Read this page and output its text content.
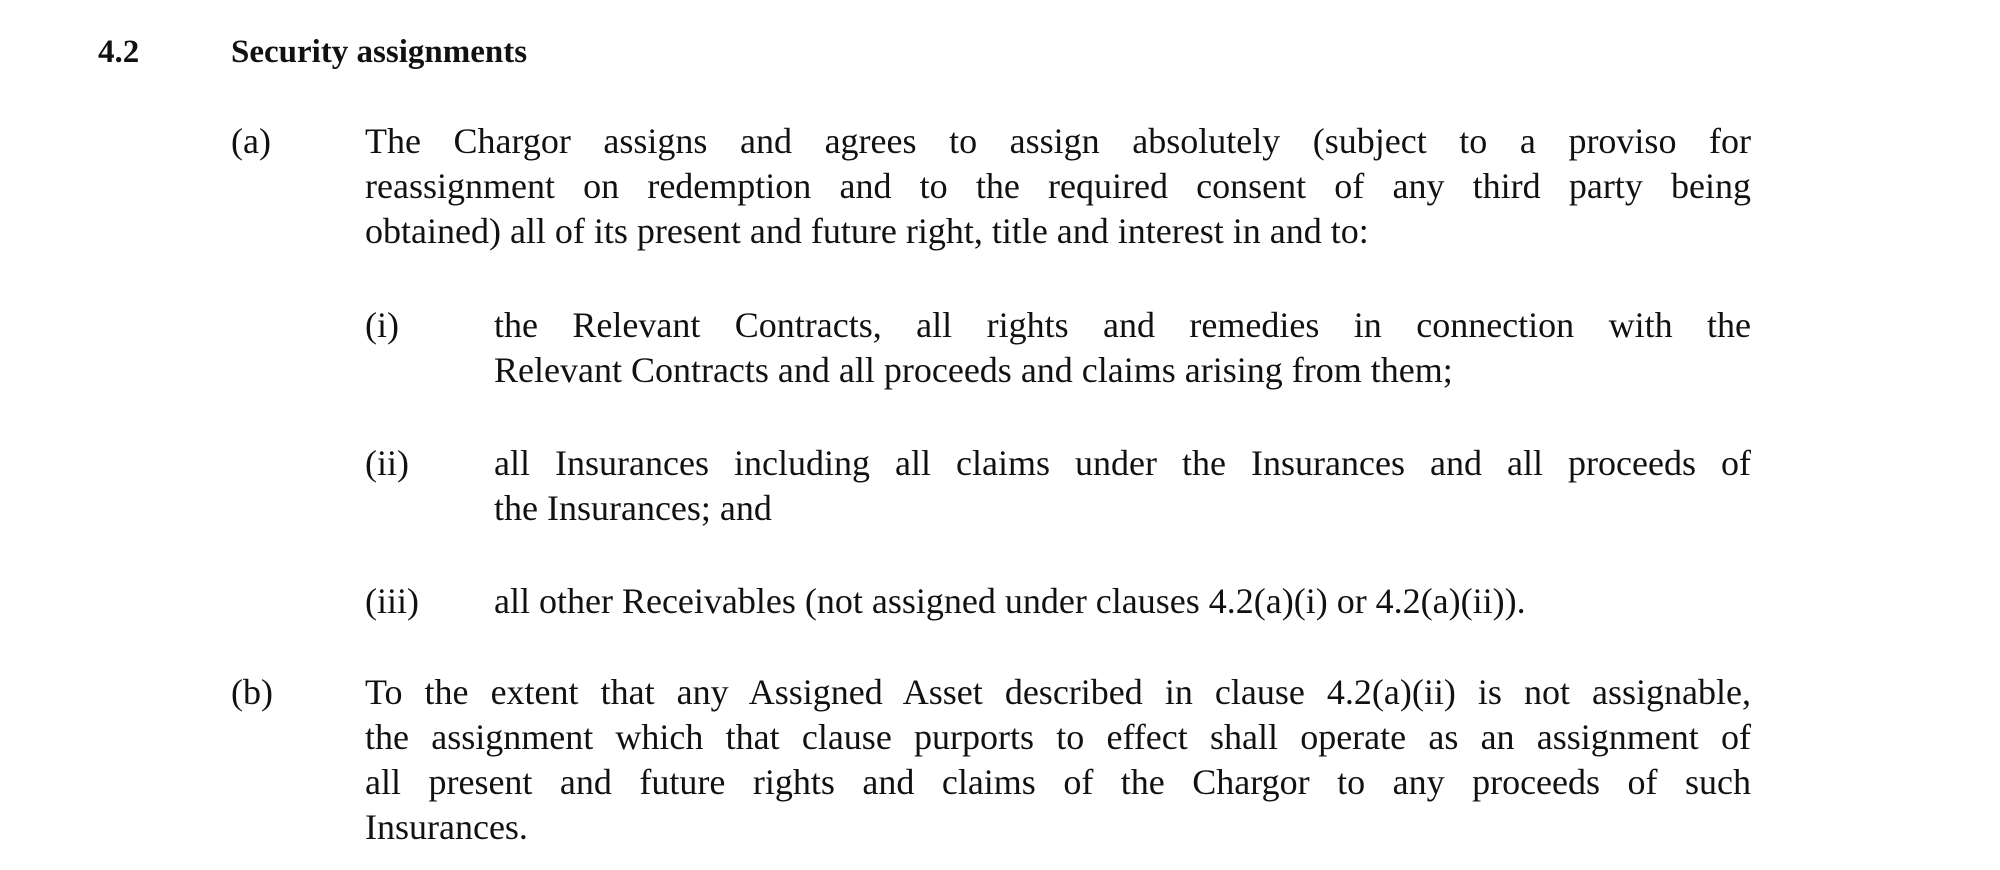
4.2	Security assignments
(a)	The Chargor assigns and agrees to assign absolutely (subject to a proviso for
reassignment on redemption and to the required consent of any third party being
obtained) all of its present and future right, title and interest in and to:
(i)	the Relevant Contracts, all rights and remedies in connection with the
Relevant Contracts and all proceeds and claims arising from them;
(ii) all Insurances including all claims under the Insurances and all proceeds of
the Insurances; and
(iii) all other Receivables (not assigned under clauses 4.2(a)(i) or 4.2(a)(ii)).
(b)	To the extent that any Assigned Asset described in clause 4.2(a)(ii) is not assignable,
the assignment which that clause purports to effect shall operate as an assignment of
all present and future rights and claims of the Chargor to any proceeds of such
Insurances.
